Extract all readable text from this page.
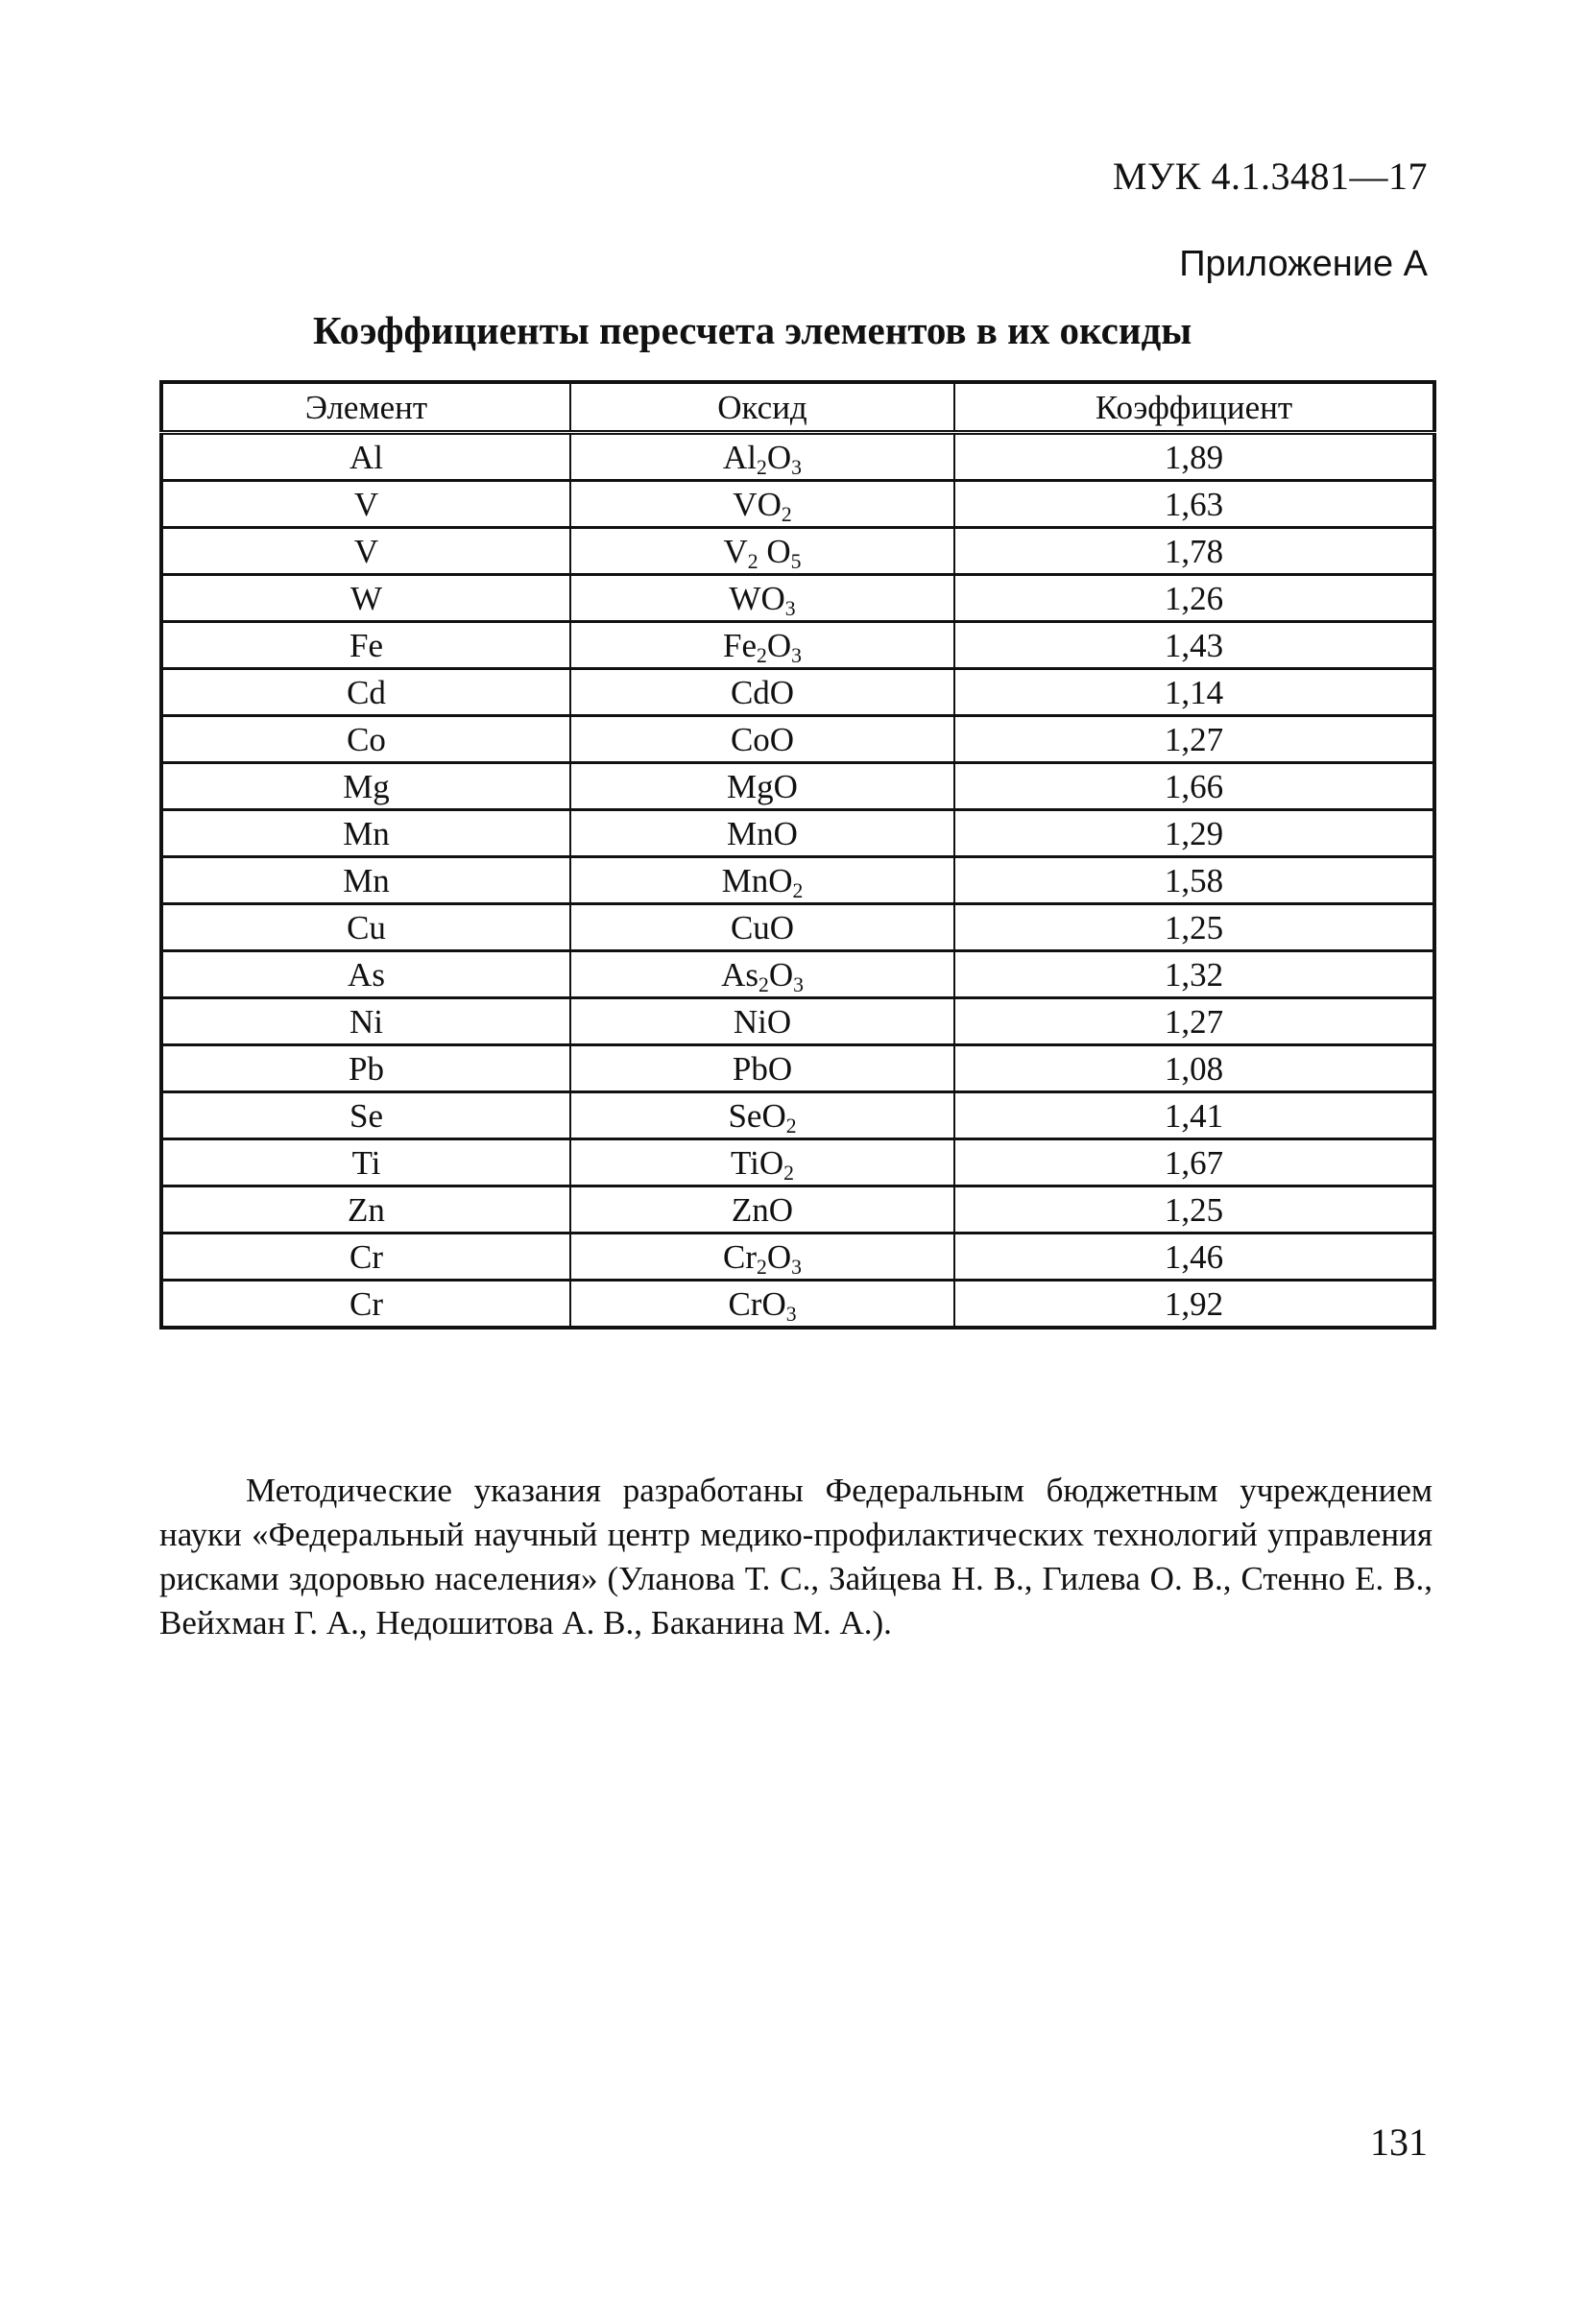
МУК 4.1.3481—17
Приложение А
Коэффициенты пересчета элементов в их оксиды
Элемент	Оксид	Коэффициент
Al	$Al_2O_3$	1,89
V	$VO_2$	1,63
V	$V_2$ $O_5$	1,78
W	$WO_3$	1,26
Fe	$Fe_2O_3$	1,43
Cd	CdO	1,14
Co	CoO	1,27
Mg	MgO	1,66
Mn	MnO	1,29
Mn	MnO$_2$	1,58
Cu	CuO	1,25
As	$As_2O_3$	1,32
Ni	NiO	1,27
Pb	PbO	1,08
Se	SeO$_2$	1,41
Ti	TiO$_2$	1,67
Zn	ZnO	1,25
Cr	$Cr_2O_3$	1,46
Cr	CrO$_3$	1,92
Методические указания разработаны Федеральным бюджетным учреждением науки «Федеральный научный центр медико-профилактических технологий управления рисками здоровью населения» (Уланова Т. С., Зайцева Н. В., Гилева О. В., Стенно Е. В., Вейхман Г. А., Недошитова А. В., Баканина М. А.).
131
